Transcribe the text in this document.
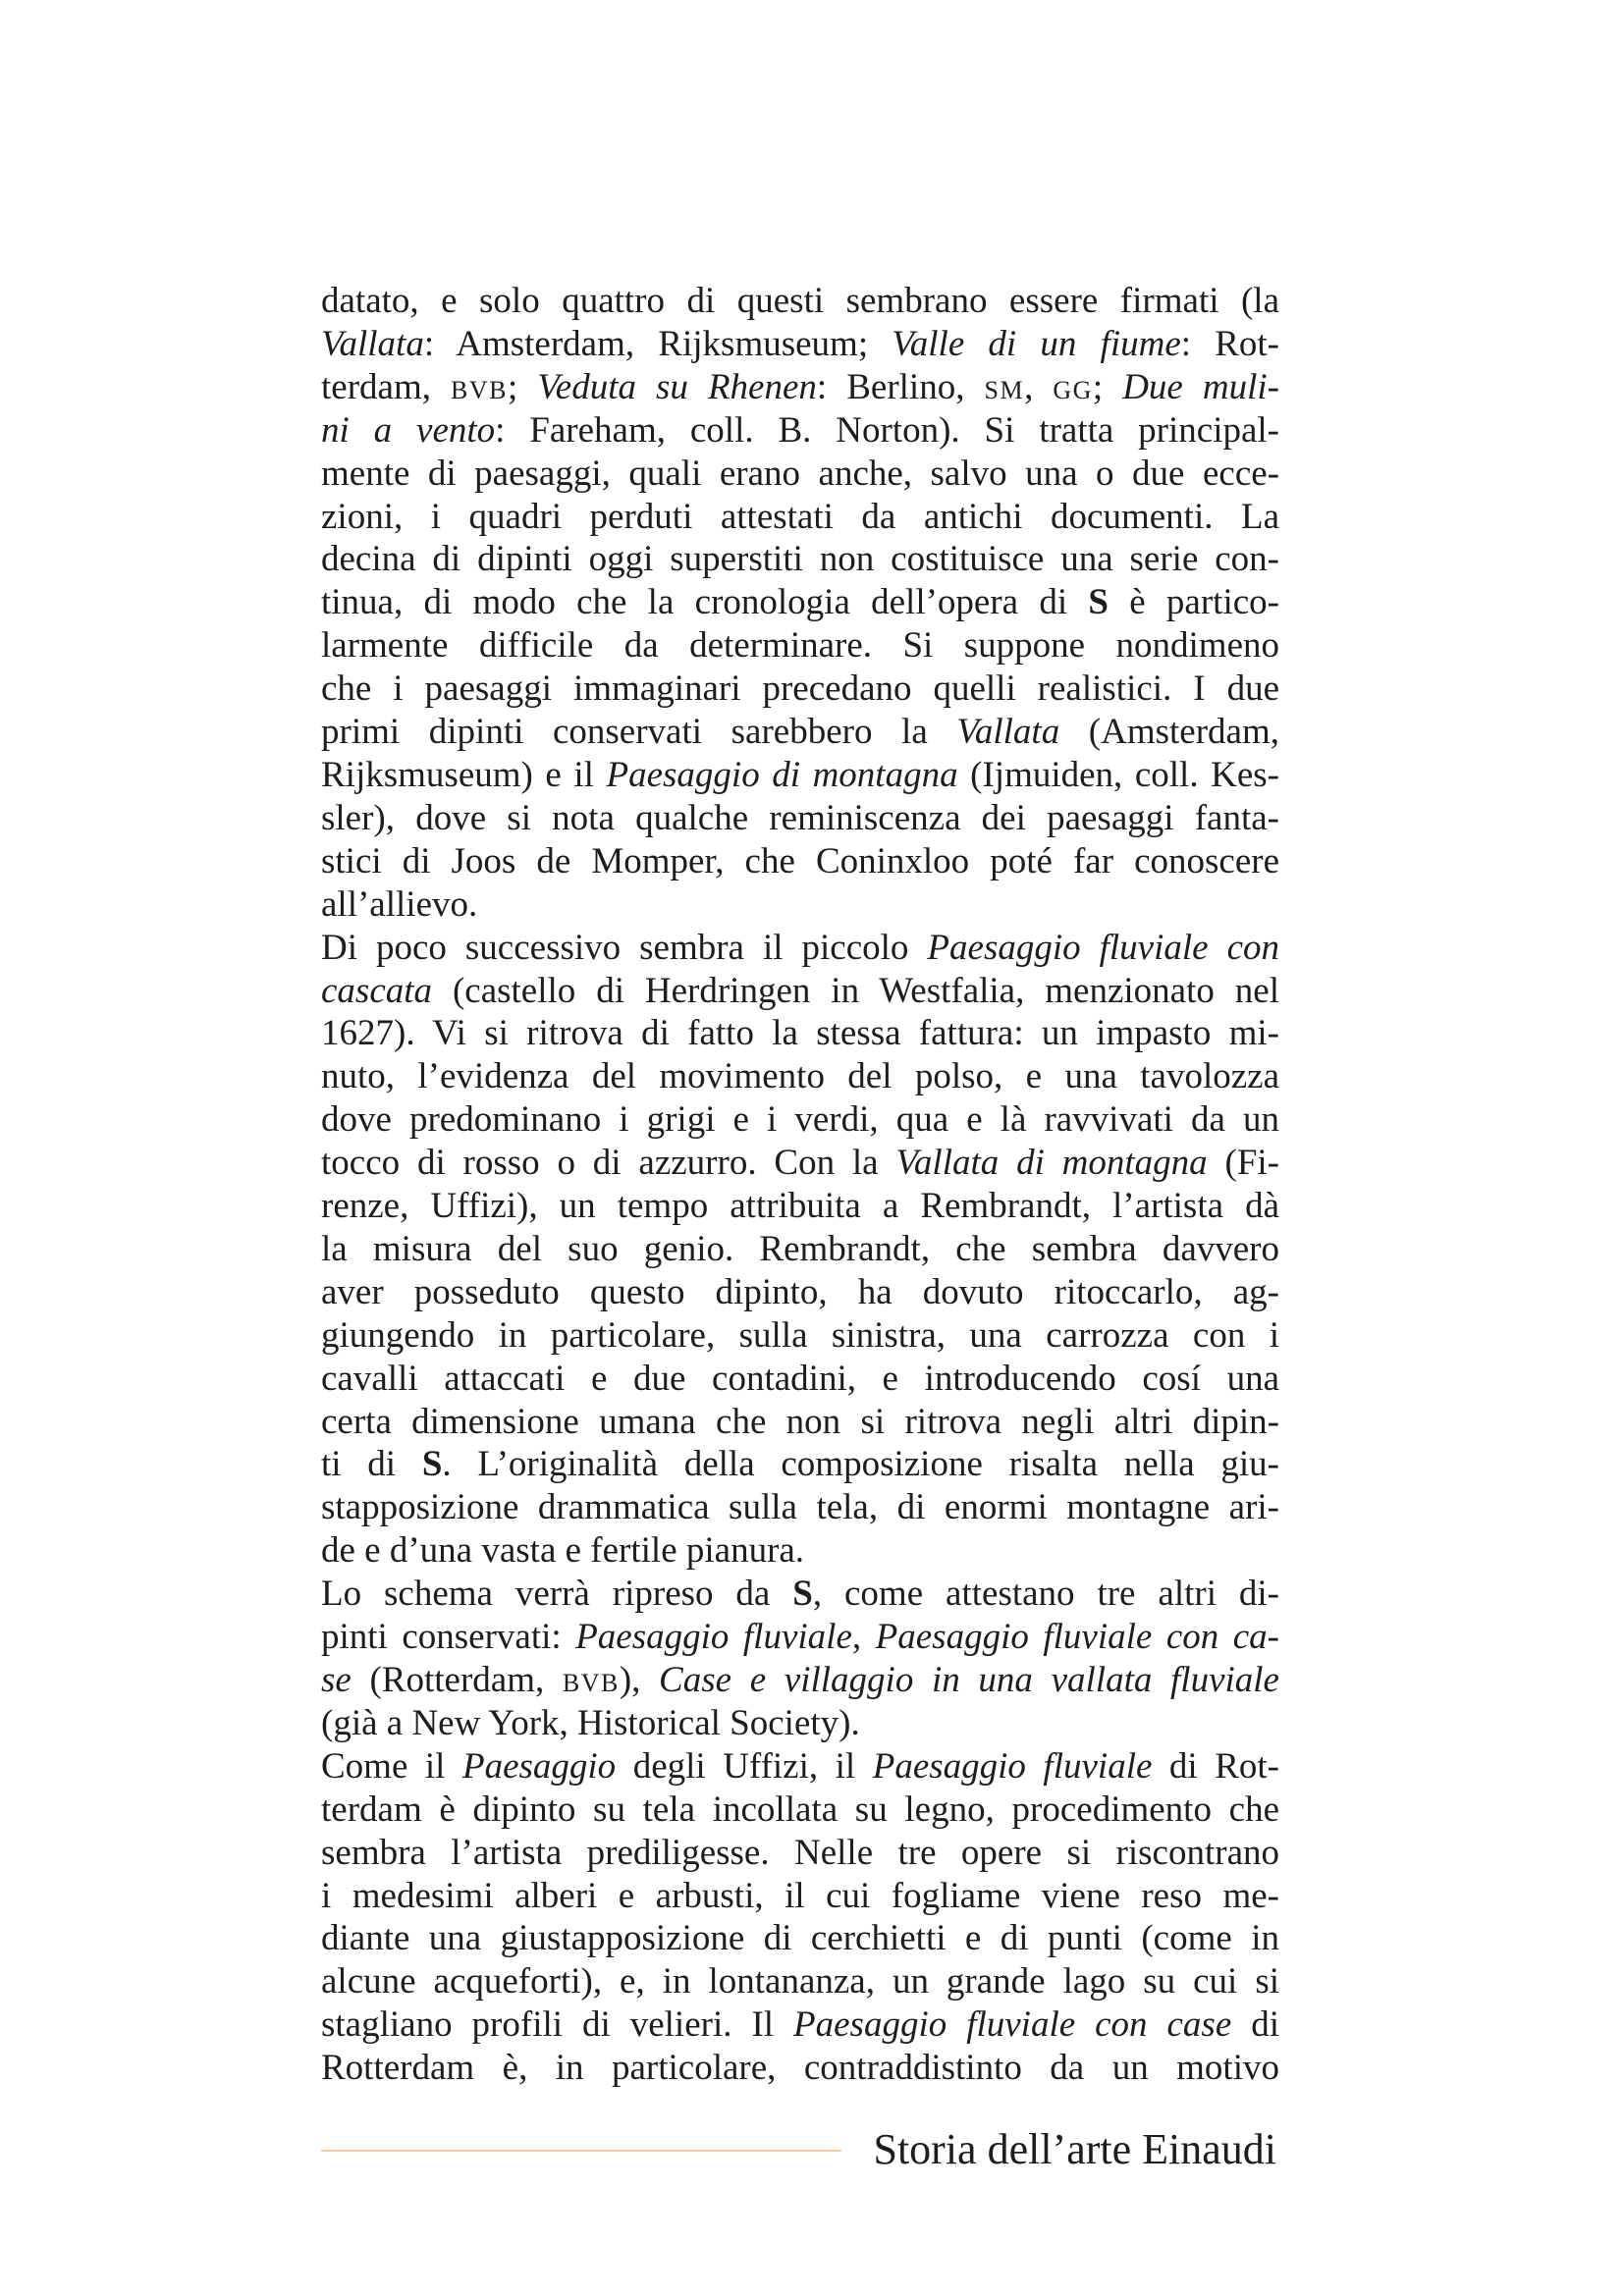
datato, e solo quattro di questi sembrano essere firmati (la
Vallata: Amsterdam, Rijksmuseum; Valle di un fiume: Rot-
terdam, bvb; Veduta su Rhenen: Berlino, sm, gg; Due muli-
ni a vento: Fareham, coll. B. Norton). Si tratta principal-
mente di paesaggi, quali erano anche, salvo una o due ecce-
zioni, i quadri perduti attestati da antichi documenti. La
decina di dipinti oggi superstiti non costituisce una serie con-
tinua, di modo che la cronologia dell’opera di S è partico-
larmente difficile da determinare. Si suppone nondimeno
che i paesaggi immaginari precedano quelli realistici. I due
primi dipinti conservati sarebbero la Vallata (Amsterdam,
Rijksmuseum) e il Paesaggio di montagna (Ijmuiden, coll. Kes-
sler), dove si nota qualche reminiscenza dei paesaggi fanta-
stici di Joos de Momper, che Coninxloo poté far conoscere
all’allievo.
Di poco successivo sembra il piccolo Paesaggio fluviale con
cascata (castello di Herdringen in Westfalia, menzionato nel
1627). Vi si ritrova di fatto la stessa fattura: un impasto mi-
nuto, l’evidenza del movimento del polso, e una tavolozza
dove predominano i grigi e i verdi, qua e là ravvivati da un
tocco di rosso o di azzurro. Con la Vallata di montagna (Fi-
renze, Uffizi), un tempo attribuita a Rembrandt, l’artista dà
la misura del suo genio. Rembrandt, che sembra davvero
aver posseduto questo dipinto, ha dovuto ritoccarlo, ag-
giungendo in particolare, sulla sinistra, una carrozza con i
cavalli attaccati e due contadini, e introducendo cosí una
certa dimensione umana che non si ritrova negli altri dipin-
ti di S. L’originalità della composizione risalta nella giu-
stapposizione drammatica sulla tela, di enormi montagne ari-
de e d’una vasta e fertile pianura.
Lo schema verrà ripreso da S, come attestano tre altri di-
pinti conservati: Paesaggio fluviale, Paesaggio fluviale con ca-
se (Rotterdam, bvb), Case e villaggio in una vallata fluviale
(già a New York, Historical Society).
Come il Paesaggio degli Uffizi, il Paesaggio fluviale di Rot-
terdam è dipinto su tela incollata su legno, procedimento che
sembra l’artista prediligesse. Nelle tre opere si riscontrano
i medesimi alberi e arbusti, il cui fogliame viene reso me-
diante una giustapposizione di cerchietti e di punti (come in
alcune acqueforti), e, in lontananza, un grande lago su cui si
stagliano profili di velieri. Il Paesaggio fluviale con case di
Rotterdam è, in particolare, contraddistinto da un motivo
Storia dell’arte Einaudi
